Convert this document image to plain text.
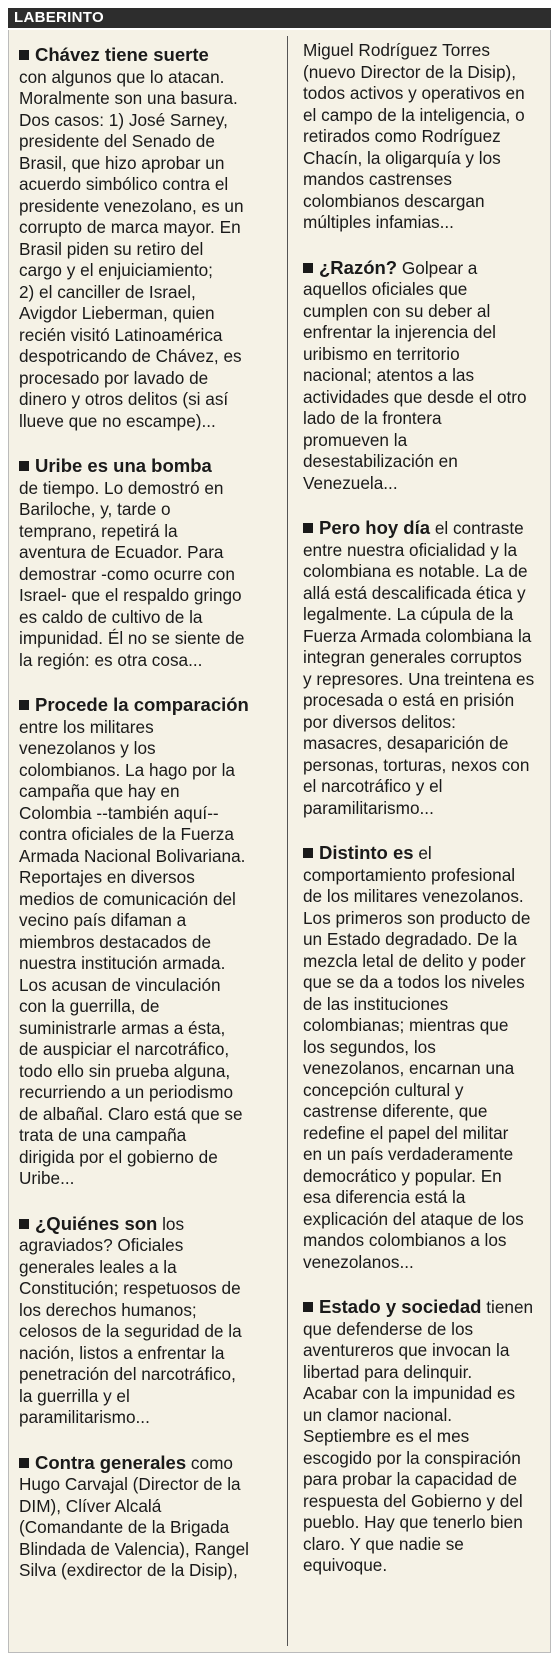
LABERINTO

Chávez tiene suerte
con algunos que lo atacan.
Moralmente son una basura.
Dos casos: 1) José Sarney,
presidente del Senado de
Brasil, que hizo aprobar un
acuerdo simbólico contra el
presidente venezolano, es un
corrupto de marca mayor. En
Brasil piden su retiro del
cargo y el enjuiciamiento;
2) el canciller de Israel,
Avigdor Lieberman, quien
recién visitó Latinoamérica
despotricando de Chávez, es
procesado por lavado de
dinero y otros delitos (si así
llueve que no escampe)...

Uribe es una bomba
de tiempo. Lo demostró en
Bariloche, y, tarde o
temprano, repetirá la
aventura de Ecuador. Para
demostrar -como ocurre con
Israel- que el respaldo gringo
es caldo de cultivo de la
impunidad. Él no se siente de
la región: es otra cosa...

Procede la comparación
entre los militares
venezolanos y los
colombianos. La hago por la
campaña que hay en
Colombia --también aquí--
contra oficiales de la Fuerza
Armada Nacional Bolivariana.
Reportajes en diversos
medios de comunicación del
vecino país difaman a
miembros destacados de
nuestra institución armada.
Los acusan de vinculación
con la guerrilla, de
suministrarle armas a ésta,
de auspiciar el narcotráfico,
todo ello sin prueba alguna,
recurriendo a un periodismo
de albañal. Claro está que se
trata de una campaña
dirigida por el gobierno de
Uribe...

¿Quiénes son los
agraviados? Oficiales
generales leales a la
Constitución; respetuosos de
los derechos humanos;
celosos de la seguridad de la
nación, listos a enfrentar la
penetración del narcotráfico,
la guerrilla y el
paramilitarismo...

Contra generales como
Hugo Carvajal (Director de la
DIM), Clíver Alcalá
(Comandante de la Brigada
Blindada de Valencia), Rangel
Silva (exdirector de la Disip),

Miguel Rodríguez Torres
(nuevo Director de la Disip),
todos activos y operativos en
el campo de la inteligencia, o
retirados como Rodríguez
Chacín, la oligarquía y los
mandos castrenses
colombianos descargan
múltiples infamias...

¿Razón? Golpear a
aquellos oficiales que
cumplen con su deber al
enfrentar la injerencia del
uribismo en territorio
nacional; atentos a las
actividades que desde el otro
lado de la frontera
promueven la
desestabilización en
Venezuela...

Pero hoy día el contraste
entre nuestra oficialidad y la
colombiana es notable. La de
allá está descalificada ética y
legalmente. La cúpula de la
Fuerza Armada colombiana la
integran generales corruptos
y represores. Una treintena es
procesada o está en prisión
por diversos delitos:
masacres, desaparición de
personas, torturas, nexos con
el narcotráfico y el
paramilitarismo...

Distinto es el
comportamiento profesional
de los militares venezolanos.
Los primeros son producto de
un Estado degradado. De la
mezcla letal de delito y poder
que se da a todos los niveles
de las instituciones
colombianas; mientras que
los segundos, los
venezolanos, encarnan una
concepción cultural y
castrense diferente, que
redefine el papel del militar
en un país verdaderamente
democrático y popular. En
esa diferencia está la
explicación del ataque de los
mandos colombianos a los
venezolanos...

Estado y sociedad tienen
que defenderse de los
aventureros que invocan la
libertad para delinquir.
Acabar con la impunidad es
un clamor nacional.
Septiembre es el mes
escogido por la conspiración
para probar la capacidad de
respuesta del Gobierno y del
pueblo. Hay que tenerlo bien
claro. Y que nadie se
equivoque.
